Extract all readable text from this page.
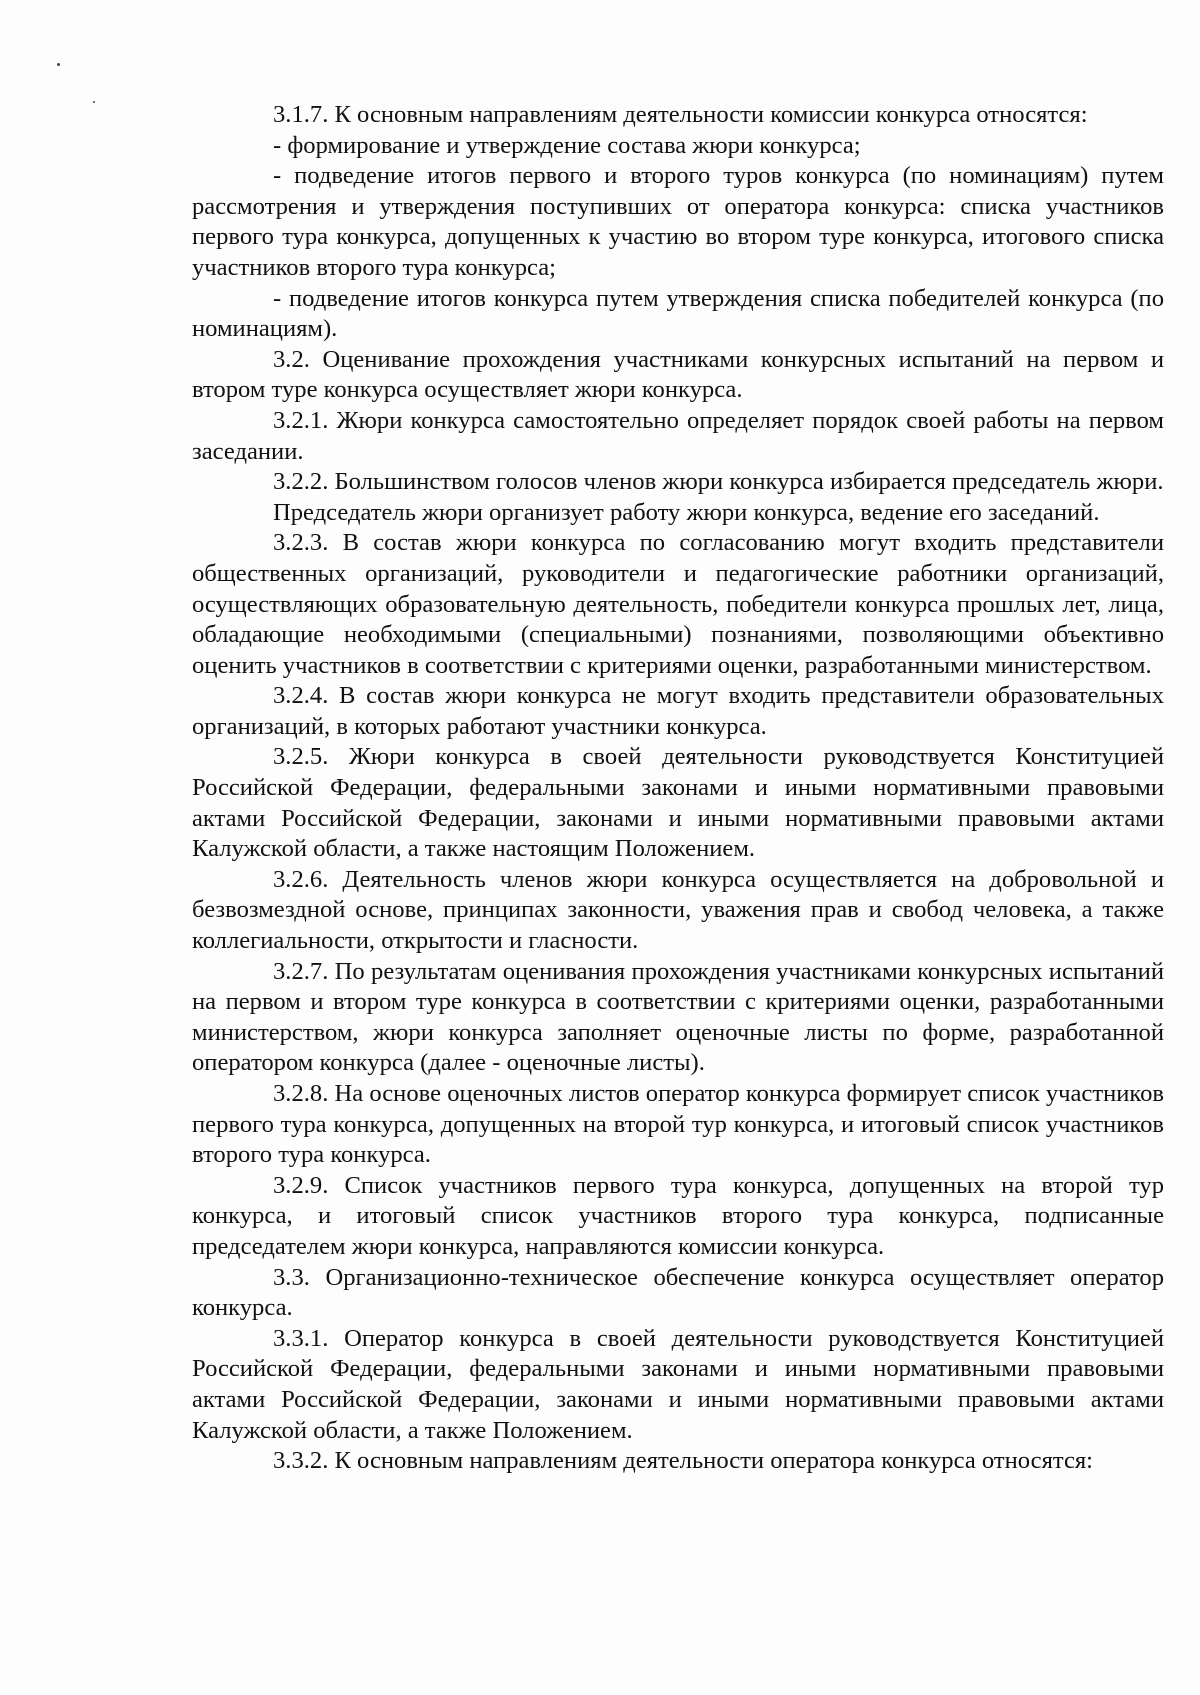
3.1.7. К основным направлениям деятельности комиссии конкурса относятся:

- формирование и утверждение состава жюри конкурса;

- подведение итогов первого и второго туров конкурса (по номинациям) путем рассмотрения и утверждения поступивших от оператора конкурса: списка участников первого тура конкурса, допущенных к участию во втором туре конкурса, итогового списка участников второго тура конкурса;

- подведение итогов конкурса путем утверждения списка победителей конкурса (по номинациям).

3.2. Оценивание прохождения участниками конкурсных испытаний на первом и втором туре конкурса осуществляет жюри конкурса.

3.2.1. Жюри конкурса самостоятельно определяет порядок своей работы на первом заседании.

3.2.2. Большинством голосов членов жюри конкурса избирается председатель жюри.

Председатель жюри организует работу жюри конкурса, ведение его заседаний.

3.2.3. В состав жюри конкурса по согласованию могут входить представители общественных организаций, руководители и педагогические работники организаций, осуществляющих образовательную деятельность, победители конкурса прошлых лет, лица, обладающие необходимыми (специальными) познаниями, позволяющими объективно оценить участников в соответствии с критериями оценки, разработанными министерством.

3.2.4. В состав жюри конкурса не могут входить представители образовательных организаций, в которых работают участники конкурса.

3.2.5. Жюри конкурса в своей деятельности руководствуется Конституцией Российской Федерации, федеральными законами и иными нормативными правовыми актами Российской Федерации, законами и иными нормативными правовыми актами Калужской области, а также настоящим Положением.

3.2.6. Деятельность членов жюри конкурса осуществляется на добровольной и безвозмездной основе, принципах законности, уважения прав и свобод человека, а также коллегиальности, открытости и гласности.

3.2.7. По результатам оценивания прохождения участниками конкурсных испытаний на первом и втором туре конкурса в соответствии с критериями оценки, разработанными министерством, жюри конкурса заполняет оценочные листы по форме, разработанной оператором конкурса (далее - оценочные листы).

3.2.8. На основе оценочных листов оператор конкурса формирует список участников первого тура конкурса, допущенных на второй тур конкурса, и итоговый список участников второго тура конкурса.

3.2.9. Список участников первого тура конкурса, допущенных на второй тур конкурса, и итоговый список участников второго тура конкурса, подписанные председателем жюри конкурса, направляются комиссии конкурса.

3.3. Организационно-техническое обеспечение конкурса осуществляет оператор конкурса.

3.3.1. Оператор конкурса в своей деятельности руководствуется Конституцией Российской Федерации, федеральными законами и иными нормативными правовыми актами Российской Федерации, законами и иными нормативными правовыми актами Калужской области, а также Положением.

3.3.2. К основным направлениям деятельности оператора конкурса относятся:
